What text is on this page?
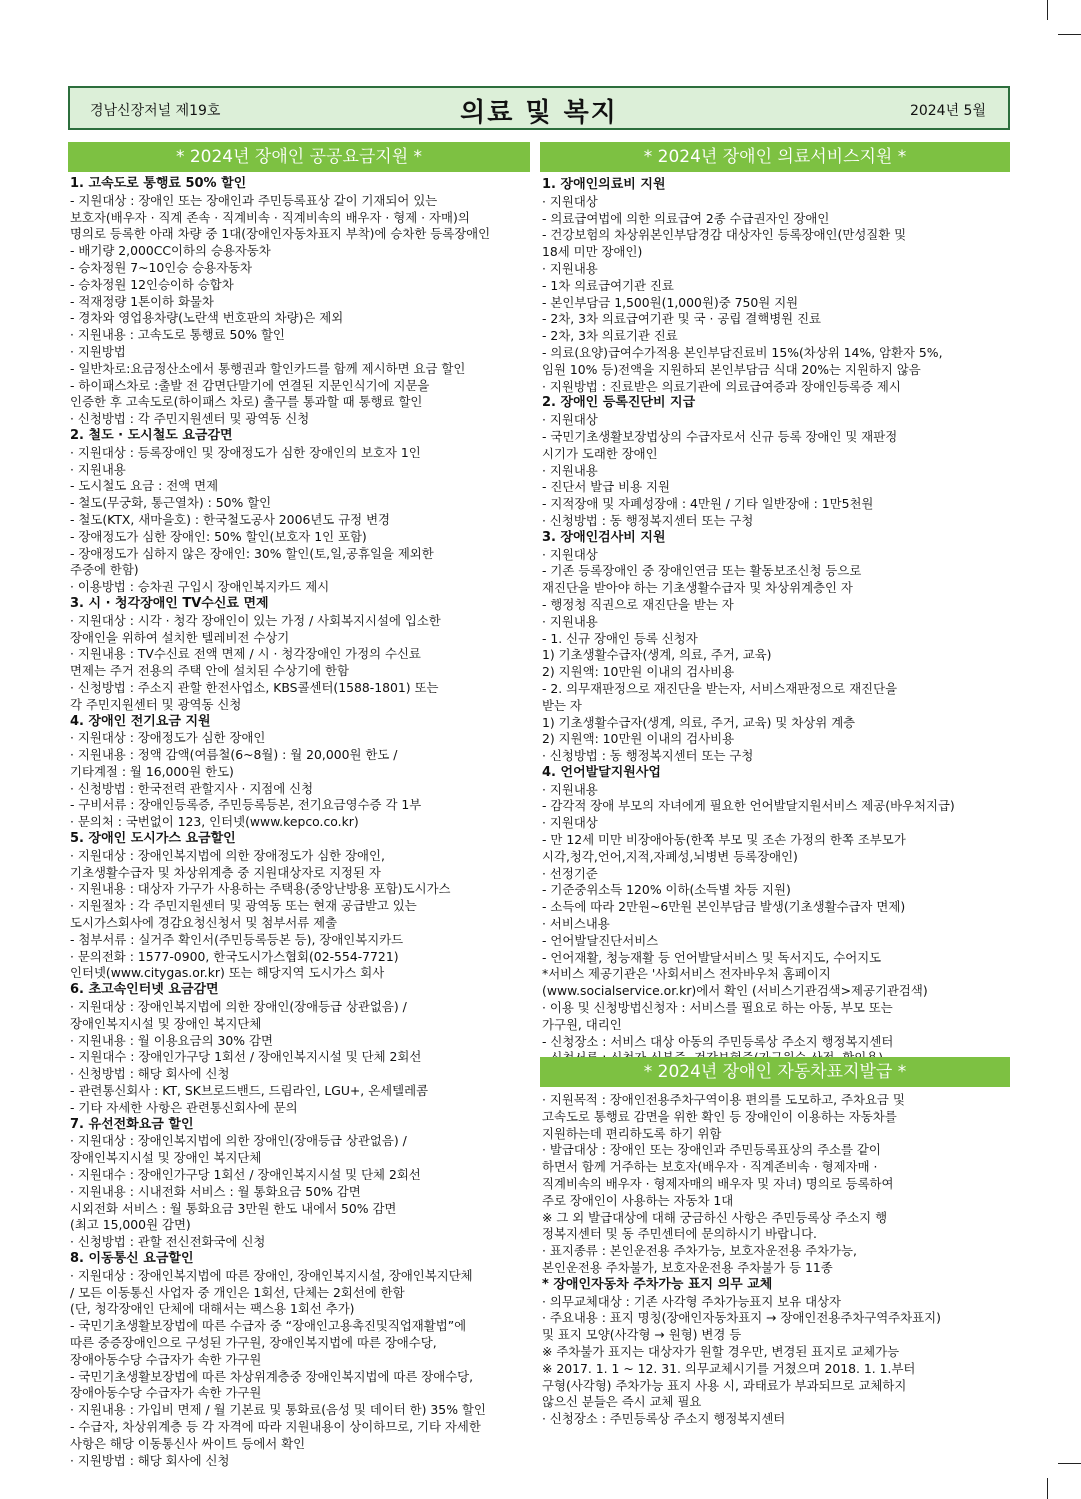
경남신장저널 제19호	의료 및 복지	2024년 5월
* 2024년 장애인 공공요금지원 *
1. 고속도로 통행료 50% 할인
- 지원대상 : 장애인 또는 장애인과 주민등록표상 같이 기재되어 있는
보호자(배우자 · 직계 존속 · 직계비속 · 직계비속의 배우자 · 형제 · 자매)의
명의로 등록한 아래 차량 중 1대(장애인자동차표지 부착)에 승차한 등록장애인
- 배기량 2,000CC이하의 승용자동차
- 승차정원 7~10인승 승용자동차
- 승차정원 12인승이하 승합차
- 적재정량 1톤이하 화물차
- 경차와 영업용차량(노란색 번호판의 차량)은 제외
· 지원내용 : 고속도로 통행료 50% 할인
· 지원방법
- 일반차로:요금정산소에서 통행권과 할인카드를 함께 제시하면 요금 할인
- 하이패스차로 :출발 전 감면단말기에 연결된 지문인식기에 지문을
인증한 후 고속도로(하이패스 차로) 출구를 통과할 때 통행료 할인
· 신청방법 : 각 주민지원센터 및 광역동 신청
2. 철도 · 도시철도 요금감면
· 지원대상 : 등록장애인 및 장애정도가 심한 장애인의 보호자 1인
· 지원내용
- 도시철도 요금 : 전액 면제
- 철도(무궁화, 통근열차) : 50% 할인
- 철도(KTX, 새마을호) : 한국철도공사 2006년도 규정 변경
- 장애정도가 심한 장애인: 50% 할인(보호자 1인 포함)
- 장애정도가 심하지 않은 장애인: 30% 할인(토,일,공휴일을 제외한
주중에 한함)
· 이용방법 : 승차권 구입시 장애인복지카드 제시
3. 시 · 청각장애인 TV수신료 면제
· 지원대상 : 시각 · 청각 장애인이 있는 가정 / 사회복지시설에 입소한
장애인을 위하여 설치한 텔레비전 수상기
· 지원내용 : TV수신료 전액 면제 / 시 · 청각장애인 가정의 수신료
면제는 주거 전용의 주택 안에 설치된 수상기에 한함
· 신청방법 : 주소지 관할 한전사업소, KBS콜센터(1588-1801) 또는
각 주민지원센터 및 광역동 신청
4. 장애인 전기요금 지원
· 지원대상 : 장애정도가 심한 장애인
· 지원내용 : 정액 감액(여름철(6~8월) : 월 20,000원 한도 /
기타계절 : 월 16,000원 한도)
· 신청방법 : 한국전력 관할지사 · 지점에 신청
- 구비서류 : 장애인등록증, 주민등록등본, 전기요금영수증 각 1부
· 문의처 : 국번없이 123, 인터넷(www.kepco.co.kr)
5. 장애인 도시가스 요금할인
· 지원대상 : 장애인복지법에 의한 장애정도가 심한 장애인,
기초생활수급자 및 차상위계층 중 지원대상자로 지정된 자
· 지원내용 : 대상자 가구가 사용하는 주택용(중앙난방용 포함)도시가스
· 지원절차 : 각 주민지원센터 및 광역동 또는 현재 공급받고 있는
도시가스회사에 경감요청신청서 및 첨부서류 제출
- 첨부서류 : 실거주 확인서(주민등록등본 등), 장애인복지카드
· 문의전화 : 1577-0900, 한국도시가스협회(02-554-7721)
인터넷(www.citygas.or.kr) 또는 해당지역 도시가스 회사
6. 초고속인터넷 요금감면
· 지원대상 : 장애인복지법에 의한 장애인(장애등급 상관없음) /
장애인복지시설 및 장애인 복지단체
· 지원내용 : 월 이용요금의 30% 감면
- 지원대수 : 장애인가구당 1회선 / 장애인복지시설 및 단체 2회선
· 신청방법 : 해당 회사에 신청
- 관련통신회사 : KT, SK브로드밴드, 드림라인, LGU+, 온세텔레콤
- 기타 자세한 사항은 관련통신회사에 문의
7. 유선전화요금 할인
· 지원대상 : 장애인복지법에 의한 장애인(장애등급 상관없음) /
장애인복지시설 및 장애인 복지단체
· 지원대수 : 장애인가구당 1회선 / 장애인복지시설 및 단체 2회선
· 지원내용 : 시내전화 서비스 : 월 통화요금 50% 감면
시외전화 서비스 : 월 통화요금 3만원 한도 내에서 50% 감면
(최고 15,000원 감면)
· 신청방법 : 관할 전신전화국에 신청
8. 이동통신 요금할인
· 지원대상 : 장애인복지법에 따른 장애인, 장애인복지시설, 장애인복지단체
/ 모든 이동통신 사업자 중 개인은 1회선, 단체는 2회선에 한함
(단, 청각장애인 단체에 대해서는 팩스용 1회선 추가)
- 국민기초생활보장법에 따른 수급자 중 “장애인고용촉진및직업재활법”에
따른 중증장애인으로 구성된 가구원, 장애인복지법에 따른 장애수당,
장애아동수당 수급자가 속한 가구원
- 국민기초생활보장법에 따른 차상위계층중 장애인복지법에 따른 장애수당,
장애아동수당 수급자가 속한 가구원
· 지원내용 : 가입비 면제 / 월 기본료 및 통화료(음성 및 데이터 한) 35% 할인
- 수급자, 차상위계층 등 각 자격에 따라 지원내용이 상이하므로, 기타 자세한
사항은 해당 이동통신사 싸이트 등에서 확인
· 지원방법 : 해당 회사에 신청
* 2024년 장애인 의료서비스지원 *
1. 장애인의료비 지원
· 지원대상
- 의료급여법에 의한 의료급여 2종 수급권자인 장애인
- 건강보험의 차상위본인부담경감 대상자인 등록장애인(만성질환 및
18세 미만 장애인)
· 지원내용
- 1차 의료급여기관 진료
- 본인부담금 1,500원(1,000원)중 750원 지원
- 2차, 3차 의료급여기관 및 국 · 공립 결핵병원 진료
- 2차, 3차 의료기관 진료
- 의료(요양)급여수가적용 본인부담진료비 15%(차상위 14%, 암환자 5%,
임원 10% 등)전액을 지원하되 본인부담금 식대 20%는 지원하지 않음
· 지원방법 : 진료받은 의료기관에 의료급여증과 장애인등록증 제시
2. 장애인 등록진단비 지급
· 지원대상
- 국민기초생활보장법상의 수급자로서 신규 등록 장애인 및 재판정
시기가 도래한 장애인
· 지원내용
- 진단서 발급 비용 지원
- 지적장애 및 자폐성장애 : 4만원 / 기타 일반장애 : 1만5천원
· 신청방법 : 동 행정복지센터 또는 구청
3. 장애인검사비 지원
· 지원대상
- 기존 등록장애인 중 장애인연금 또는 활동보조신청 등으로
재진단을 받아야 하는 기초생활수급자 및 차상위계층인 자
- 행정청 직권으로 재진단을 받는 자
· 지원내용
- 1. 신규 장애인 등록 신청자
1) 기초생활수급자(생계, 의료, 주거, 교육)
2) 지원액: 10만원 이내의 검사비용
- 2. 의무재판정으로 재진단을 받는자, 서비스재판정으로 재진단을
받는 자
1) 기초생활수급자(생계, 의료, 주거, 교육) 및 차상위 계층
2) 지원액: 10만원 이내의 검사비용
· 신청방법 : 동 행정복지센터 또는 구청
4. 언어발달지원사업
· 지원내용
- 감각적 장애 부모의 자녀에게 필요한 언어발달지원서비스 제공(바우처지급)
· 지원대상
- 만 12세 미만 비장애아동(한쪽 부모 및 조손 가정의 한쪽 조부모가
시각,청각,언어,지적,자폐성,뇌병변 등록장애인)
· 선정기준
- 기준중위소득 120% 이하(소득별 차등 지원)
- 소득에 따라 2만원~6만원 본인부담금 발생(기초생활수급자 면제)
· 서비스내용
- 언어발달진단서비스
- 언어재활, 청능재활 등 언어발달서비스 및 독서지도, 수어지도
*서비스 제공기관은 '사회서비스 전자바우처 홈페이지
(www.socialservice.or.kr)에서 확인 (서비스기관검색>제공기관검색)
· 이용 및 신청방법신청자 : 서비스를 필요로 하는 아동, 부모 또는
가구원, 대리인
- 신청장소 : 서비스 대상 아동의 주민등록상 주소지 행정복지센터
* 2024년 장애인 자동차표지발급 *
· 지원목적 : 장애인전용주차구역이용 편의를 도모하고, 주차요금 및
고속도로 통행료 감면을 위한 확인 등 장애인이 이용하는 자동차를
지원하는데 편리하도록 하기 위함
· 발급대상 : 장애인 또는 장애인과 주민등록표상의 주소를 같이
하면서 함께 거주하는 보호자(배우자 · 직계존비속 · 형제자매 ·
직계비속의 배우자 · 형제자매의 배우자 및 자녀) 명의로 등록하여
주로 장애인이 사용하는 자동차 1대
※ 그 외 발급대상에 대해 궁금하신 사항은 주민등록상 주소지 행
정복지센터 및 동 주민센터에 문의하시기 바랍니다.
· 표지종류 : 본인운전용 주차가능, 보호자운전용 주차가능,
본인운전용 주차불가, 보호자운전용 주차불가 등 11종
* 장애인자동차 주차가능 표지 의무 교체
· 의무교체대상 : 기존 사각형 주차가능표지 보유 대상자
· 주요내용 : 표지 명칭(장애인자동차표지 → 장애인전용주차구역주차표지)
및 표지 모양(사각형 → 원형) 변경 등
※ 주차불가 표지는 대상자가 원할 경우만, 변경된 표지로 교체가능
※ 2017. 1. 1 ~ 12. 31. 의무교체시기를 거쳤으며 2018. 1. 1.부터
구형(사각형) 주차가능 표지 사용 시, 과태료가 부과되므로 교체하지
않으신 분들은 즉시 교체 필요
· 신청장소 : 주민등록상 주소지 행정복지센터
